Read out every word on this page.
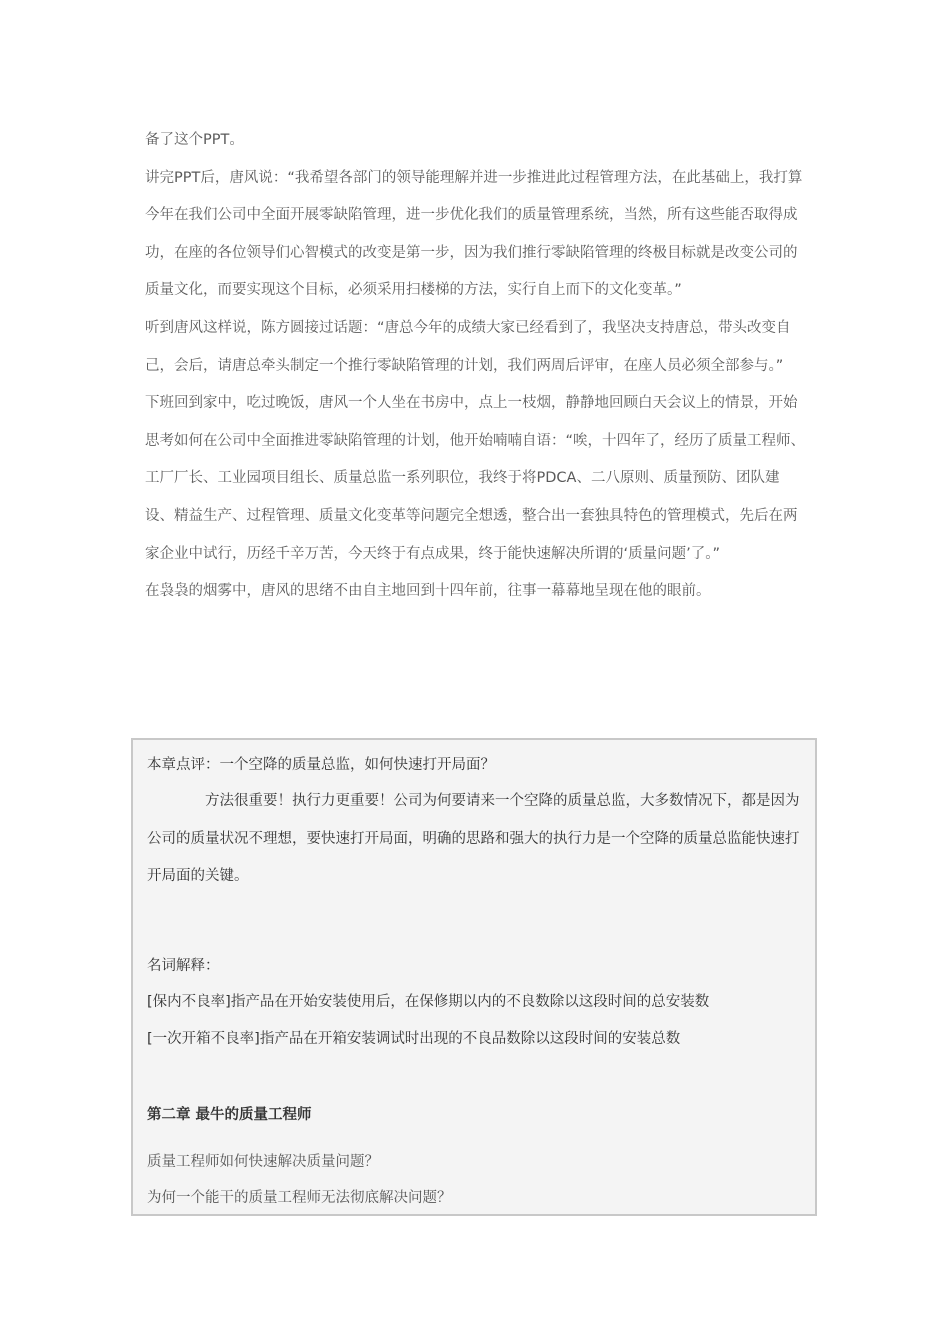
备了这个PPT。

讲完PPT后，唐风说：“我希望各部门的领导能理解并进一步推进此过程管理方法，在此基础上，我打算今年在我们公司中全面开展零缺陷管理，进一步优化我们的质量管理系统，当然，所有这些能否取得成功，在座的各位领导们心智模式的改变是第一步，因为我们推行零缺陷管理的终极目标就是改变公司的质量文化，而要实现这个目标，必须采用扫楼梯的方法，实行自上而下的文化变革。”

听到唐风这样说，陈方圆接过话题：“唐总今年的成绩大家已经看到了，我坚决支持唐总，带头改变自己，会后，请唐总牵头制定一个推行零缺陷管理的计划，我们两周后评审，在座人员必须全部参与。”

下班回到家中，吃过晚饭，唐风一个人坐在书房中，点上一枝烟，静静地回顾白天会议上的情景，开始思考如何在公司中全面推进零缺陷管理的计划，他开始喃喃自语：“唉，十四年了，经历了质量工程师、工厂厂长、工业园项目组长、质量总监一系列职位，我终于将PDCA、二八原则、质量预防、团队建设、精益生产、过程管理、质量文化变革等问题完全想透，整合出一套独具特色的管理模式，先后在两家企业中试行，历经千辛万苦，今天终于有点成果，终于能快速解决所谓的‘质量问题’了。”

在袅袅的烟雾中，唐风的思绪不由自主地回到十四年前，往事一幕幕地呈现在他的眼前。

本章点评：一个空降的质量总监，如何快速打开局面？
方法很重要！执行力更重要！公司为何要请来一个空降的质量总监，大多数情况下，都是因为公司的质量状况不理想，要快速打开局面，明确的思路和强大的执行力是一个空降的质量总监能快速打开局面的关键。
名词解释：
[保内不良率]指产品在开始安装使用后，在保修期以内的不良数除以这段时间的总安装数
[一次开箱不良率]指产品在开箱安装调试时出现的不良品数除以这段时间的安装总数
第二章 最牛的质量工程师
质量工程师如何快速解决质量问题？
为何一个能干的质量工程师无法彻底解决问题？
